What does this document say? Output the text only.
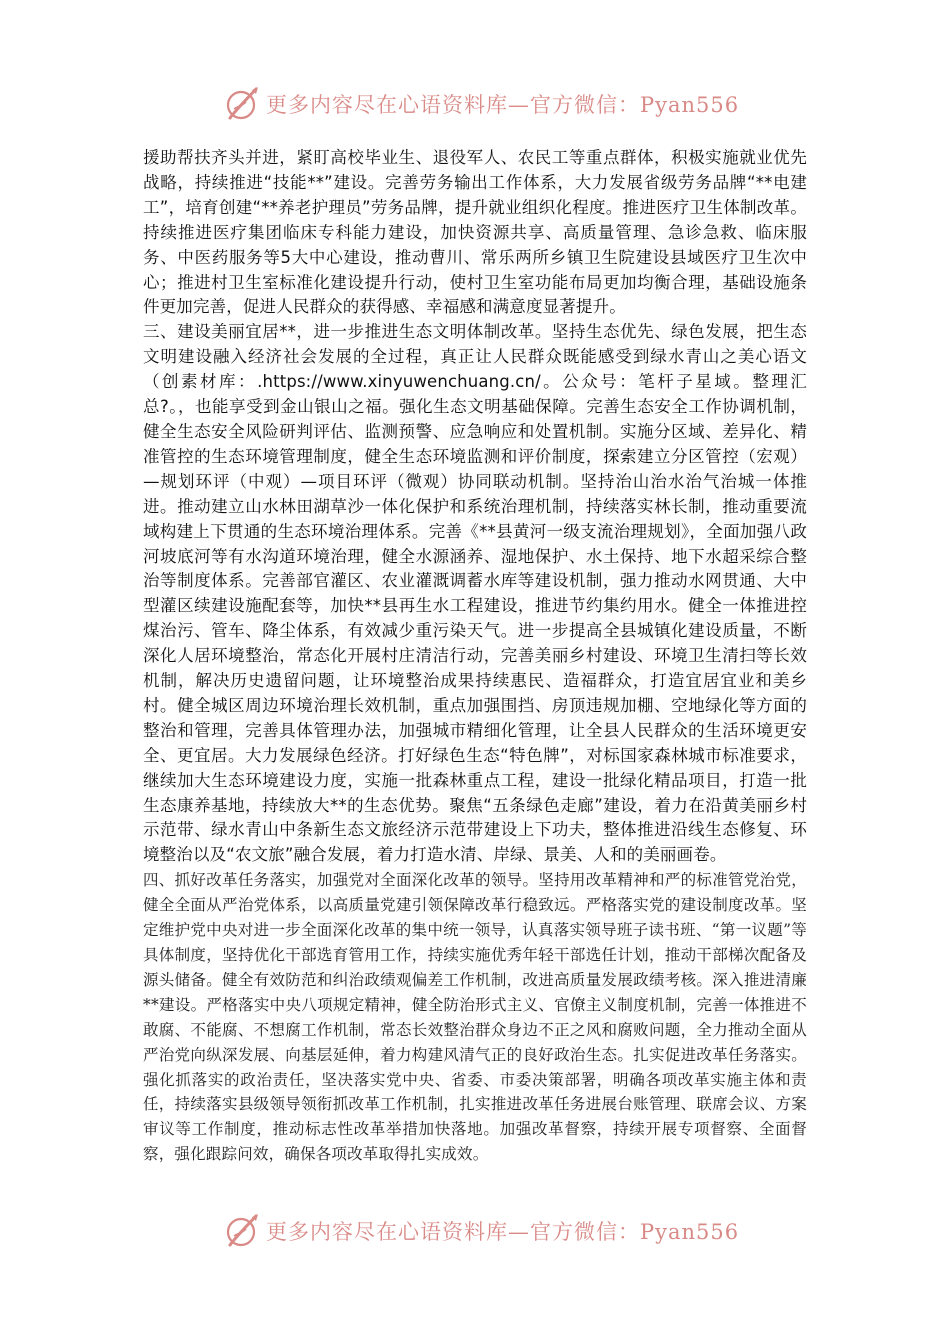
更多内容尽在心语资料库—官方微信：Pyan556

援助帮扶齐头并进，紧盯高校毕业生、退役军人、农民工等重点群体，积极实施就业优先战略，持续推进“技能**”建设。完善劳务输出工作体系，大力发展省级劳务品牌“**电建工”，培育创建“**养老护理员”劳务品牌，提升就业组织化程度。推进医疗卫生体制改革。持续推进医疗集团临床专科能力建设，加快资源共享、高质量管理、急诊急救、临床服务、中医药服务等5大中心建设，推动曹川、常乐两所乡镇卫生院建设县域医疗卫生次中心；推进村卫生室标准化建设提升行动，使村卫生室功能布局更加均衡合理，基础设施条件更加完善，促进人民群众的获得感、幸福感和满意度显著提升。

三、建设美丽宜居**，进一步推进生态文明体制改革。坚持生态优先、绿色发展，把生态文明建设融入经济社会发展的全过程，真正让人民群众既能感受到绿水青山之美心语文（创素材库：.https://www.xinyuwenchuang.cn/。公众号：笔杆子星域。整理汇总?。，也能享受到金山银山之福。强化生态文明基础保障。完善生态安全工作协调机制，健全生态安全风险研判评估、监测预警、应急响应和处置机制。实施分区域、差异化、精准管控的生态环境管理制度，健全生态环境监测和评价制度，探索建立分区管控（宏观）—规划环评（中观）—项目环评（微观）协同联动机制。坚持治山治水治气治城一体推进。推动建立山水林田湖草沙一体化保护和系统治理机制，持续落实林长制，推动重要流域构建上下贯通的生态环境治理体系。完善《**县黄河一级支流治理规划》，全面加强八政河坡底河等有水沟道环境治理，健全水源涵养、湿地保护、水土保持、地下水超采综合整治等制度体系。完善部官灌区、农业灌溉调蓄水库等建设机制，强力推动水网贯通、大中型灌区续建设施配套等，加快**县再生水工程建设，推进节约集约用水。健全一体推进控煤治污、管车、降尘体系，有效减少重污染天气。进一步提高全县城镇化建设质量，不断深化人居环境整治，常态化开展村庄清洁行动，完善美丽乡村建设、环境卫生清扫等长效机制，解决历史遗留问题，让环境整治成果持续惠民、造福群众，打造宜居宜业和美乡村。健全城区周边环境治理长效机制，重点加强围挡、房顶违规加棚、空地绿化等方面的整治和管理，完善具体管理办法，加强城市精细化管理，让全县人民群众的生活环境更安全、更宜居。大力发展绿色经济。打好绿色生态“特色牌”，对标国家森林城市标准要求，继续加大生态环境建设力度，实施一批森林重点工程，建设一批绿化精品项目，打造一批生态康养基地，持续放大**的生态优势。聚焦“五条绿色走廊”建设，着力在沿黄美丽乡村示范带、绿水青山中条新生态文旅经济示范带建设上下功夫，整体推进沿线生态修复、环境整治以及“农文旅”融合发展，着力打造水清、岸绿、景美、人和的美丽画卷。

四、抓好改革任务落实，加强党对全面深化改革的领导。坚持用改革精神和严的标准管党治党，健全全面从严治党体系，以高质量党建引领保障改革行稳致远。严格落实党的建设制度改革。坚定维护党中央对进一步全面深化改革的集中统一领导，认真落实领导班子读书班、“第一议题”等具体制度，坚持优化干部选育管用工作，持续实施优秀年轻干部选任计划，推动干部梯次配备及源头储备。健全有效防范和纠治政绩观偏差工作机制，改进高质量发展政绩考核。深入推进清廉**建设。严格落实中央八项规定精神，健全防治形式主义、官僚主义制度机制，完善一体推进不敢腐、不能腐、不想腐工作机制，常态长效整治群众身边不正之风和腐败问题，全力推动全面从严治党向纵深发展、向基层延伸，着力构建风清气正的良好政治生态。扎实促进改革任务落实。强化抓落实的政治责任，坚决落实党中央、省委、市委决策部署，明确各项改革实施主体和责任，持续落实县级领导领衔抓改革工作机制，扎实推进改革任务进展台账管理、联席会议、方案审议等工作制度，推动标志性改革举措加快落地。加强改革督察，持续开展专项督察、全面督察，强化跟踪问效，确保各项改革取得扎实成效。

更多内容尽在心语资料库—官方微信：Pyan556
